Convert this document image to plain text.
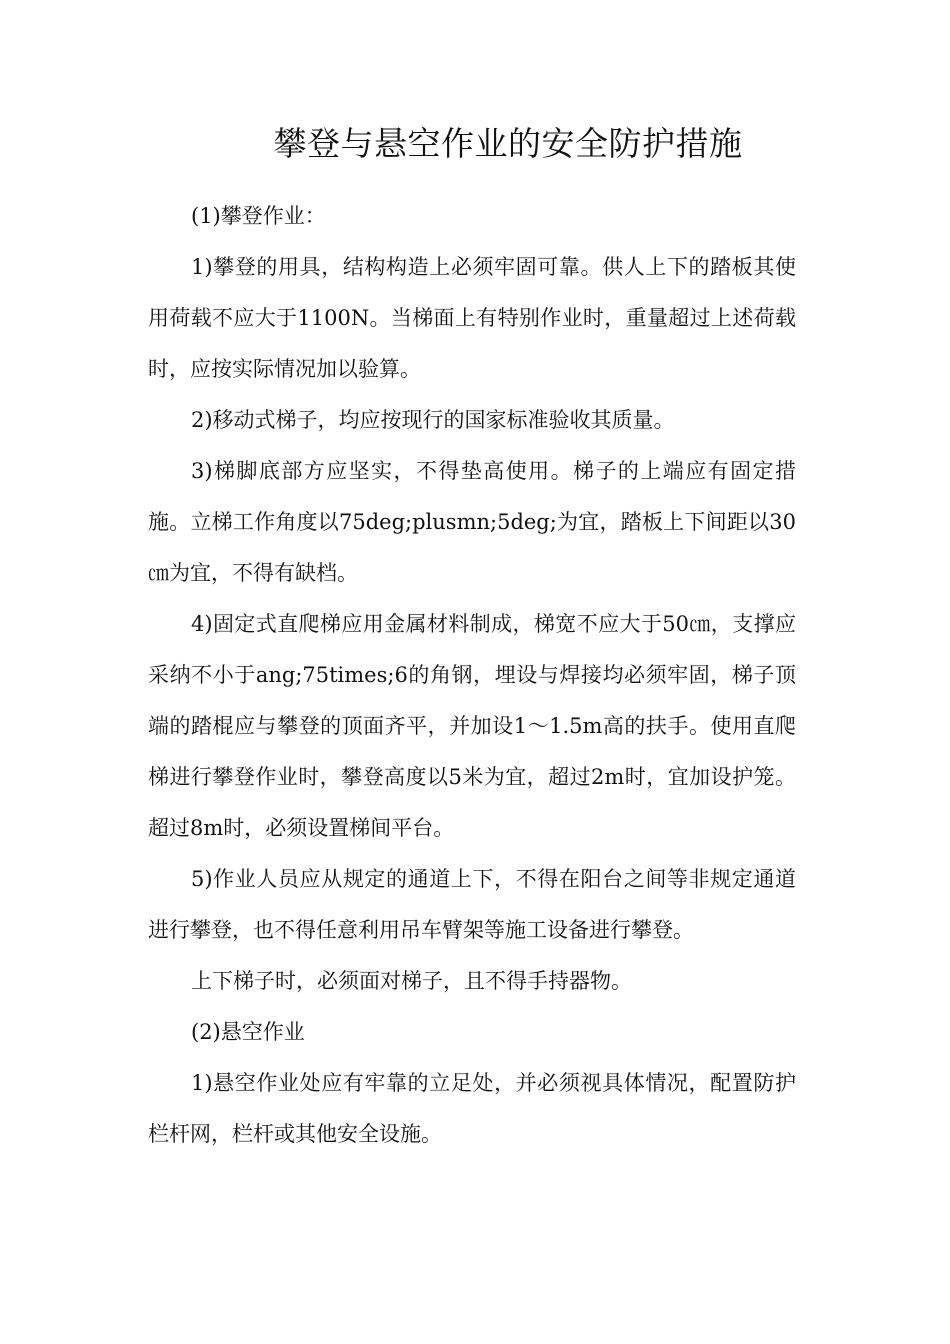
攀登与悬空作业的安全防护措施

(1)攀登作业：

1)攀登的用具，结构构造上必须牢固可靠。供人上下的踏板其使用荷载不应大于1100N。当梯面上有特别作业时，重量超过上述荷载时，应按实际情况加以验算。

2)移动式梯子，均应按现行的国家标准验收其质量。

3)梯脚底部方应坚实，不得垫高使用。梯子的上端应有固定措施。立梯工作角度以75deg;plusmn;5deg;为宜，踏板上下间距以30㎝为宜，不得有缺档。

4)固定式直爬梯应用金属材料制成，梯宽不应大于50㎝，支撑应采纳不小于ang;75times;6的角钢，埋设与焊接均必须牢固，梯子顶端的踏棍应与攀登的顶面齐平，并加设1～1.5m高的扶手。使用直爬梯进行攀登作业时，攀登高度以5米为宜，超过2m时，宜加设护笼。超过8m时，必须设置梯间平台。

5)作业人员应从规定的通道上下，不得在阳台之间等非规定通道进行攀登，也不得任意利用吊车臂架等施工设备进行攀登。

上下梯子时，必须面对梯子，且不得手持器物。

(2)悬空作业

1)悬空作业处应有牢靠的立足处，并必须视具体情况，配置防护栏杆网，栏杆或其他安全设施。
